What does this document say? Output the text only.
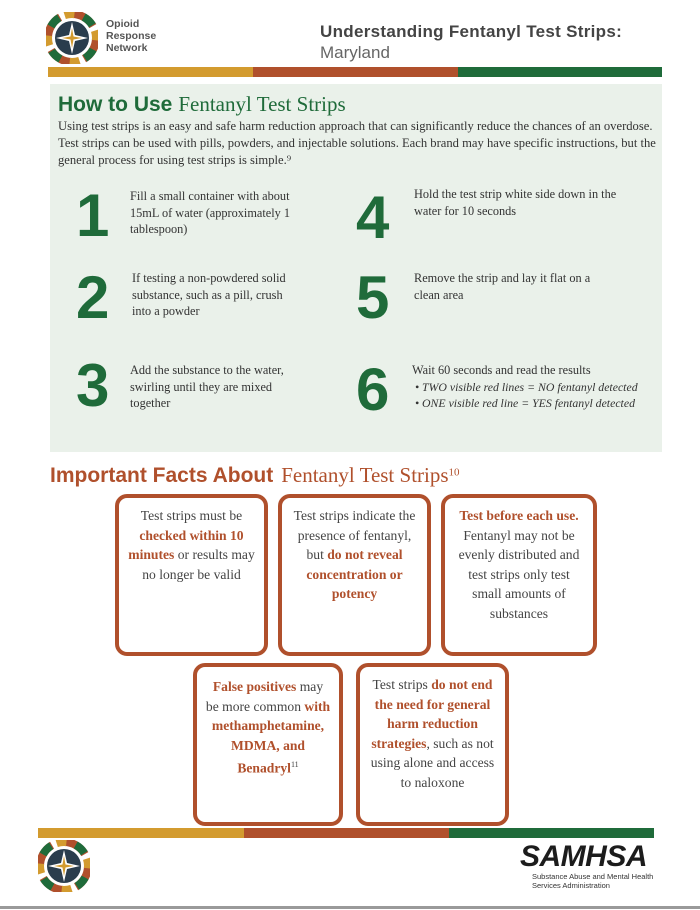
Opioid
Response
Network
Understanding Fentanyl Test Strips:
Maryland
How to Use Fentanyl Test Strips
Using test strips is an easy and safe harm reduction approach that can significantly reduce the chances of an overdose. Test strips can be used with pills, powders, and injectable solutions. Each brand may have specific instructions, but the general process for using test strips is simple.⁹
1 Fill a small container with about 15mL of water (approximately 1 tablespoon)
2 If testing a non-powdered solid substance, such as a pill, crush into a powder
3 Add the substance to the water, swirling until they are mixed together
4 Hold the test strip white side down in the water for 10 seconds
5 Remove the strip and lay it flat on a clean area
6 Wait 60 seconds and read the results
• TWO visible red lines = NO fentanyl detected
• ONE visible red line = YES fentanyl detected
Important Facts About Fentanyl Test Strips$^{10}$
Test strips must be checked within 10 minutes or results may no longer be valid
Test strips indicate the presence of fentanyl, but do not reveal concentration or potency
Test before each use. Fentanyl may not be evenly distributed and test strips only test small amounts of substances
False positives may be more common with methamphetamine, MDMA, and Benadryl$^{11}$
Test strips do not end the need for general harm reduction strategies, such as not using alone and access to naloxone
SAMHSA
Substance Abuse and Mental Health
Services Administration
